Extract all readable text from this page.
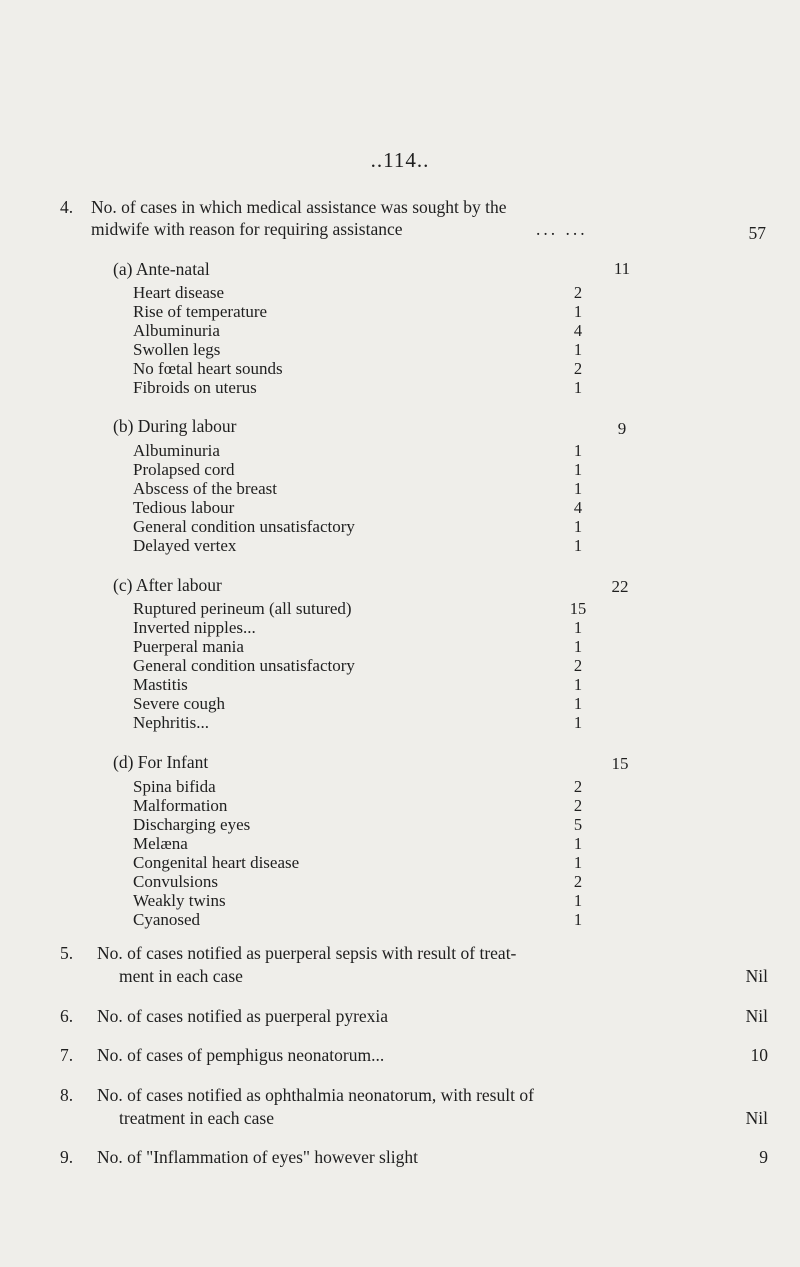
..114..
4. No. of cases in which medical assistance was sought by the
midwife with reason for requiring assistance	... ...	57
(a) Ante-natal	11
Heart disease	2
Rise of temperature	1
Albuminuria	4
Swollen legs	1
No fœtal heart sounds	2
Fibroids on uterus	1
(b) During labour	9
Albuminuria	1
Prolapsed cord	1
Abscess of the breast	1
Tedious labour	4
General condition unsatisfactory	1
Delayed vertex	1
(c) After labour	22
Ruptured perineum (all sutured)	15
Inverted nipples...	1
Puerperal mania	1
General condition unsatisfactory	2
Mastitis	1
Severe cough	1
Nephritis...	1
(d) For Infant	15
Spina bifida	2
Malformation	2
Discharging eyes	5
Melæna	1
Congenital heart disease	1
Convulsions	2
Weakly twins	1
Cyanosed	1
5. No. of cases notified as puerperal sepsis with result of treat-
ment in each case	Nil
6. No. of cases notified as puerperal pyrexia	Nil
7. No. of cases of pemphigus neonatorum...	10
8. No. of cases notified as ophthalmia neonatorum, with result of
treatment in each case	Nil
9. No. of "Inflammation of eyes" however slight	9
